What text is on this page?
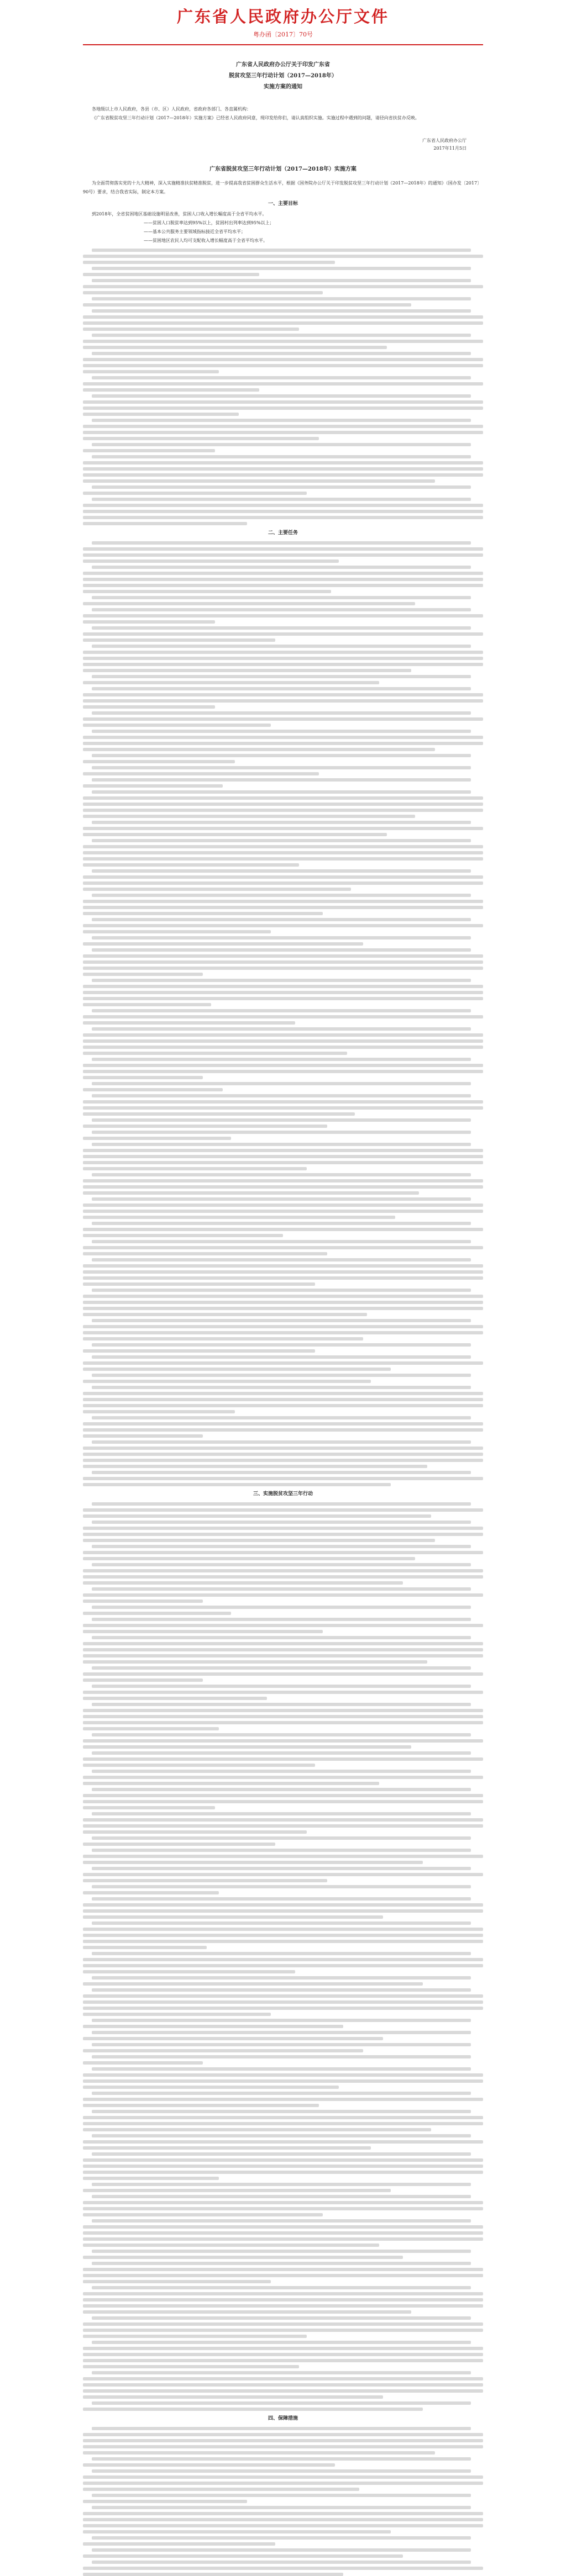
广东省人民政府办公厅文件
粤办函〔2017〕70号
广东省人民政府办公厅关于印发广东省
脱贫攻坚三年行动计划（2017—2018年）
实施方案的通知

各地级以上市人民政府，各县（市、区）人民政府，省政府各部门、各直属机构：

《广东省脱贫攻坚三年行动计划（2017—2018年）实施方案》已经省人民政府同意，现印发给你们，请认真组织实施。实施过程中遇到的问题，请径向省扶贫办反映。

广东省人民政府办公厅
2017年11月5日
广东省脱贫攻坚三年行动计划（2017—2018年）实施方案

为全面贯彻落实党的十九大精神，深入实施精准扶贫精准脱贫，进一步提高我省贫困群众生活水平，根据《国务院办公厅关于印发脱贫攻坚三年行动计划（2017—2018年）的通知》（国办发〔2017〕90号）要求，结合我省实际，制定本方案。

一、主要目标

到2018年，全省贫困地区基础设施明显改善，贫困人口收入增长幅度高于全省平均水平。

——贫困人口脱贫率达到95%以上，贫困村出列率达到95%以上；

——基本公共服务主要领域指标接近全省平均水平；

——贫困地区农民人均可支配收入增长幅度高于全省平均水平。

二、主要任务
三、实施脱贫攻坚三年行动
四、保障措施
